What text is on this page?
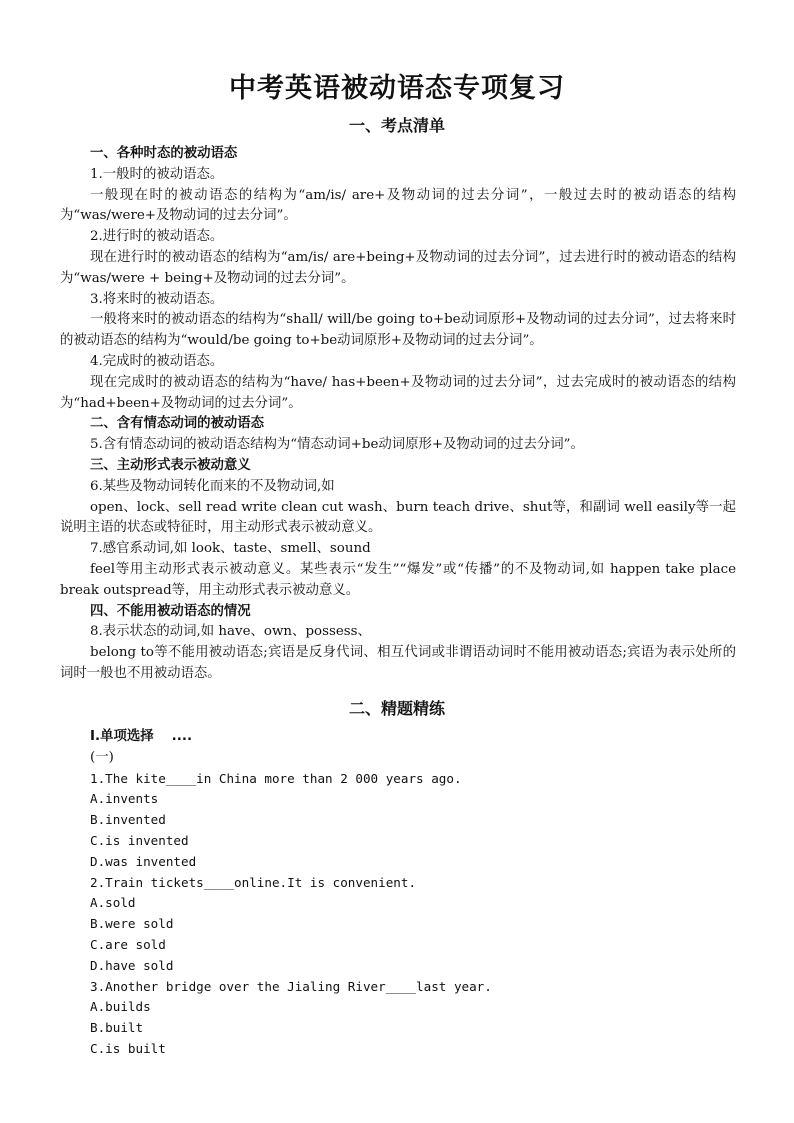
中考英语被动语态专项复习
一、考点清单
一、各种时态的被动语态
1.一般时的被动语态。
一般现在时的被动语态的结构为“am/is/ are+及物动词的过去分词”，一般过去时的被动语态的结构为“was/were+及物动词的过去分词”。
2.进行时的被动语态。
现在进行时的被动语态的结构为“am/is/ are+being+及物动词的过去分词”，过去进行时的被动语态的结构为“was/were + being+及物动词的过去分词”。
3.将来时的被动语态。
一般将来时的被动语态的结构为“shall/ will/be going to+be动词原形+及物动词的过去分词”，过去将来时的被动语态的结构为“would/be going to+be动词原形+及物动词的过去分词”。
4.完成时的被动语态。
现在完成时的被动语态的结构为“have/ has+been+及物动词的过去分词”，过去完成时的被动语态的结构为“had+been+及物动词的过去分词”。
二、含有情态动词的被动语态
5.含有情态动词的被动语态结构为“情态动词+be动词原形+及物动词的过去分词”。
三、主动形式表示被动意义
6.某些及物动词转化而来的不及物动词,如
open、lock、sell read write clean cut wash、burn teach drive、shut等，和副词 well easily等一起说明主语的状态或特征时，用主动形式表示被动意义。
7.感官系动词,如 look、taste、smell、sound
feel等用主动形式表示被动意义。某些表示“发生”“爆发”或“传播”的不及物动词,如 happen take place break outspread等，用主动形式表示被动意义。
四、不能用被动语态的情况
8.表示状态的动词,如 have、own、possess、
belong to等不能用被动语态;宾语是反身代词、相互代词或非谓语动词时不能用被动语态;宾语为表示处所的词时一般也不用被动语态。
二、精题精练
I.单项选择　 ....
(一)
1.The kite____in China more than 2 000 years ago.
A.invents
B.invented
C.is invented
D.was invented
2.Train tickets____online.It is convenient.
A.sold
B.were sold
C.are sold
D.have sold
3.Another bridge over the Jialing River____last year.
A.builds
B.built
C.is built
